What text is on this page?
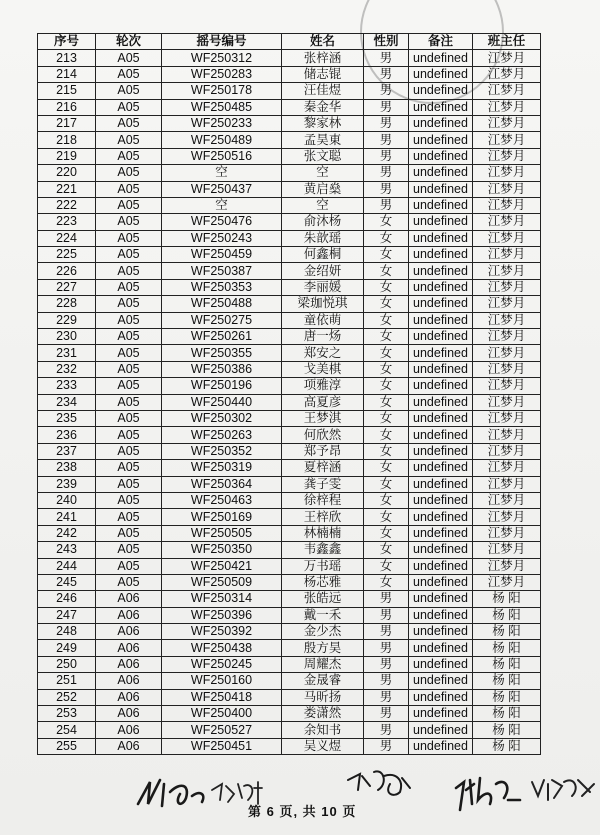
序号	轮次	摇号编号	姓名	性别	备注	班主任
213	A05	WF250312	张梓涵	男	undefined	江梦月
214	A05	WF250283	储志锟	男	undefined	江梦月
215	A05	WF250178	汪佳煜	男	undefined	江梦月
216	A05	WF250485	秦金华	男	undefined	江梦月
217	A05	WF250233	黎家林	男	undefined	江梦月
218	A05	WF250489	孟昊東	男	undefined	江梦月
219	A05	WF250516	张文聪	男	undefined	江梦月
220	A05	空	空	男	undefined	江梦月
221	A05	WF250437	黄启燊	男	undefined	江梦月
222	A05	空	空	男	undefined	江梦月
223	A05	WF250476	俞沐杨	女	undefined	江梦月
224	A05	WF250243	朱歆瑶	女	undefined	江梦月
225	A05	WF250459	何鑫桐	女	undefined	江梦月
226	A05	WF250387	金绍妍	女	undefined	江梦月
227	A05	WF250353	李丽媛	女	undefined	江梦月
228	A05	WF250488	梁珈悦琪	女	undefined	江梦月
229	A05	WF250275	童依萌	女	undefined	江梦月
230	A05	WF250261	唐一炀	女	undefined	江梦月
231	A05	WF250355	郑安之	女	undefined	江梦月
232	A05	WF250386	戈美棋	女	undefined	江梦月
233	A05	WF250196	项雅淳	女	undefined	江梦月
234	A05	WF250440	高夏彦	女	undefined	江梦月
235	A05	WF250302	王梦淇	女	undefined	江梦月
236	A05	WF250263	何欣然	女	undefined	江梦月
237	A05	WF250352	郑予昂	女	undefined	江梦月
238	A05	WF250319	夏梓涵	女	undefined	江梦月
239	A05	WF250364	龚子雯	女	undefined	江梦月
240	A05	WF250463	徐梓程	女	undefined	江梦月
241	A05	WF250169	王梓欣	女	undefined	江梦月
242	A05	WF250505	林楠楠	女	undefined	江梦月
243	A05	WF250350	韦鑫鑫	女	undefined	江梦月
244	A05	WF250421	万书瑶	女	undefined	江梦月
245	A05	WF250509	杨芯雅	女	undefined	江梦月
246	A06	WF250314	张皓远	男	undefined	杨 阳
247	A06	WF250396	戴一禾	男	undefined	杨 阳
248	A06	WF250392	金少杰	男	undefined	杨 阳
249	A06	WF250438	殷方昊	男	undefined	杨 阳
250	A06	WF250245	周耀杰	男	undefined	杨 阳
251	A06	WF250160	金晟睿	男	undefined	杨 阳
252	A06	WF250418	马昕扬	男	undefined	杨 阳
253	A06	WF250400	娄潇然	男	undefined	杨 阳
254	A06	WF250527	余知书	男	undefined	杨 阳
255	A06	WF250451	吴义煜	男	undefined	杨 阳
第 6 页, 共 10 页
